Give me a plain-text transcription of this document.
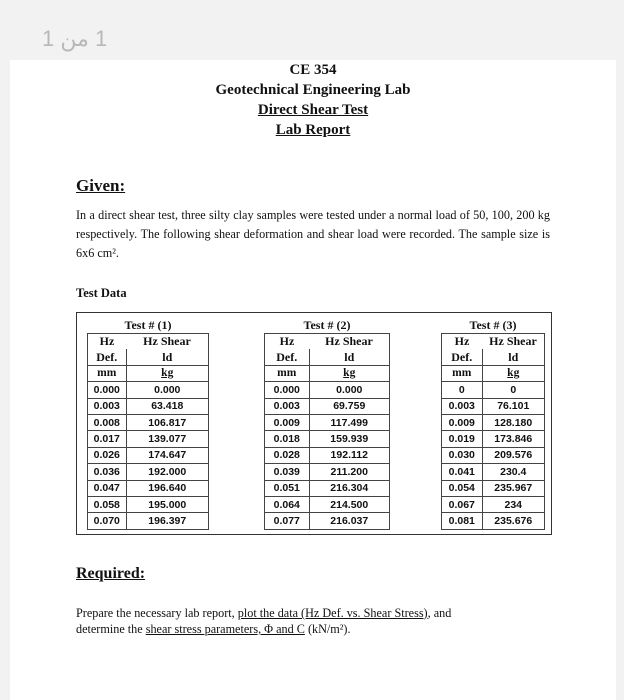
1 من 1
CE 354
Geotechnical Engineering Lab
Direct Shear Test
Lab Report
Given:
In a direct shear test, three silty clay samples were tested under a normal load of 50, 100, 200 kg respectively. The following shear deformation and shear load were recorded. The sample size is 6x6 cm².
Test Data
Test # (1)	
Hz	Hz Shear
Def.	ld
mm	kg
0.000	0.000
0.003	63.418
0.008	106.817
0.017	139.077
0.026	174.647
0.036	192.000
0.047	196.640
0.058	195.000
0.070	196.397
Test # (2)	
Hz	Hz Shear
Def.	ld
mm	kg
0.000	0.000
0.003	69.759
0.009	117.499
0.018	159.939
0.028	192.112
0.039	211.200
0.051	216.304
0.064	214.500
0.077	216.037
Test # (3)	
Hz	Hz Shear
Def.	ld
mm	kg
0	0
0.003	76.101
0.009	128.180
0.019	173.846
0.030	209.576
0.041	230.4
0.054	235.967
0.067	234
0.081	235.676
Required:
Prepare the necessary lab report, plot the data (Hz Def. vs. Shear Stress), and
determine the shear stress parameters, Φ and C (kN/m²).
